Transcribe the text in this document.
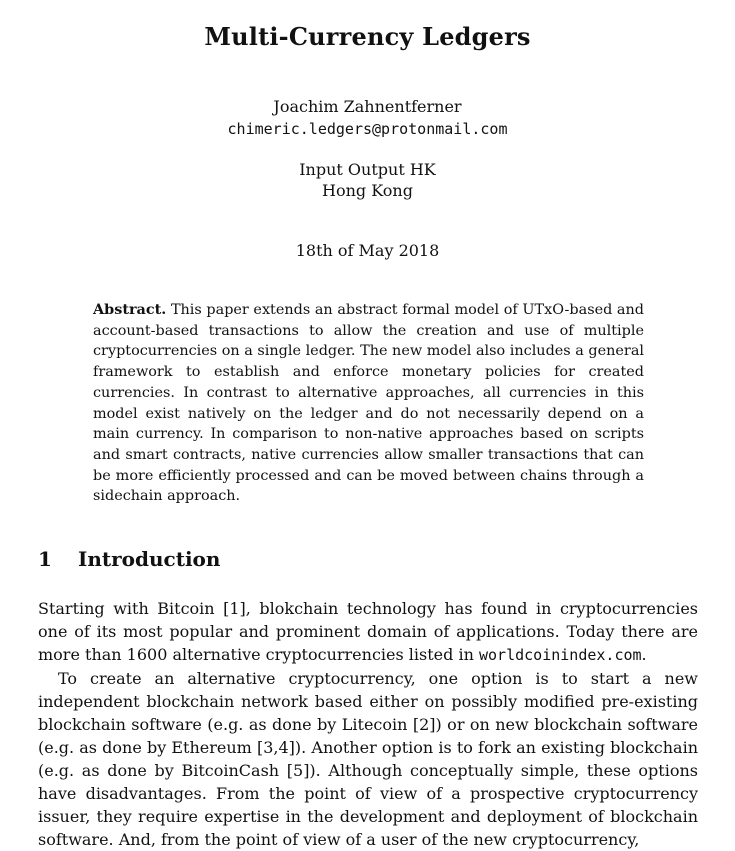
Multi-Currency Ledgers
Joachim Zahnentferner
chimeric.ledgers@protonmail.com
Input Output HK
Hong Kong
18th of May 2018
Abstract. This paper extends an abstract formal model of UTxO-based and account-based transactions to allow the creation and use of multiple cryptocurrencies on a single ledger. The new model also includes a general framework to establish and enforce monetary policies for created currencies. In contrast to alternative approaches, all currencies in this model exist natively on the ledger and do not necessarily depend on a main currency. In comparison to non-native approaches based on scripts and smart contracts, native currencies allow smaller transactions that can be more efficiently processed and can be moved between chains through a sidechain approach.
1 Introduction

Starting with Bitcoin [1], blokchain technology has found in cryptocurrencies one of its most popular and prominent domain of applications. Today there are more than 1600 alternative cryptocurrencies listed in worldcoinindex.com.

To create an alternative cryptocurrency, one option is to start a new independent blockchain network based either on possibly modified pre-existing blockchain software (e.g. as done by Litecoin [2]) or on new blockchain software (e.g. as done by Ethereum [3,4]). Another option is to fork an existing blockchain (e.g. as done by BitcoinCash [5]). Although conceptually simple, these options have disadvantages. From the point of view of a prospective cryptocurrency issuer, they require expertise in the development and deployment of blockchain software. And, from the point of view of a user of the new cryptocurrency,
